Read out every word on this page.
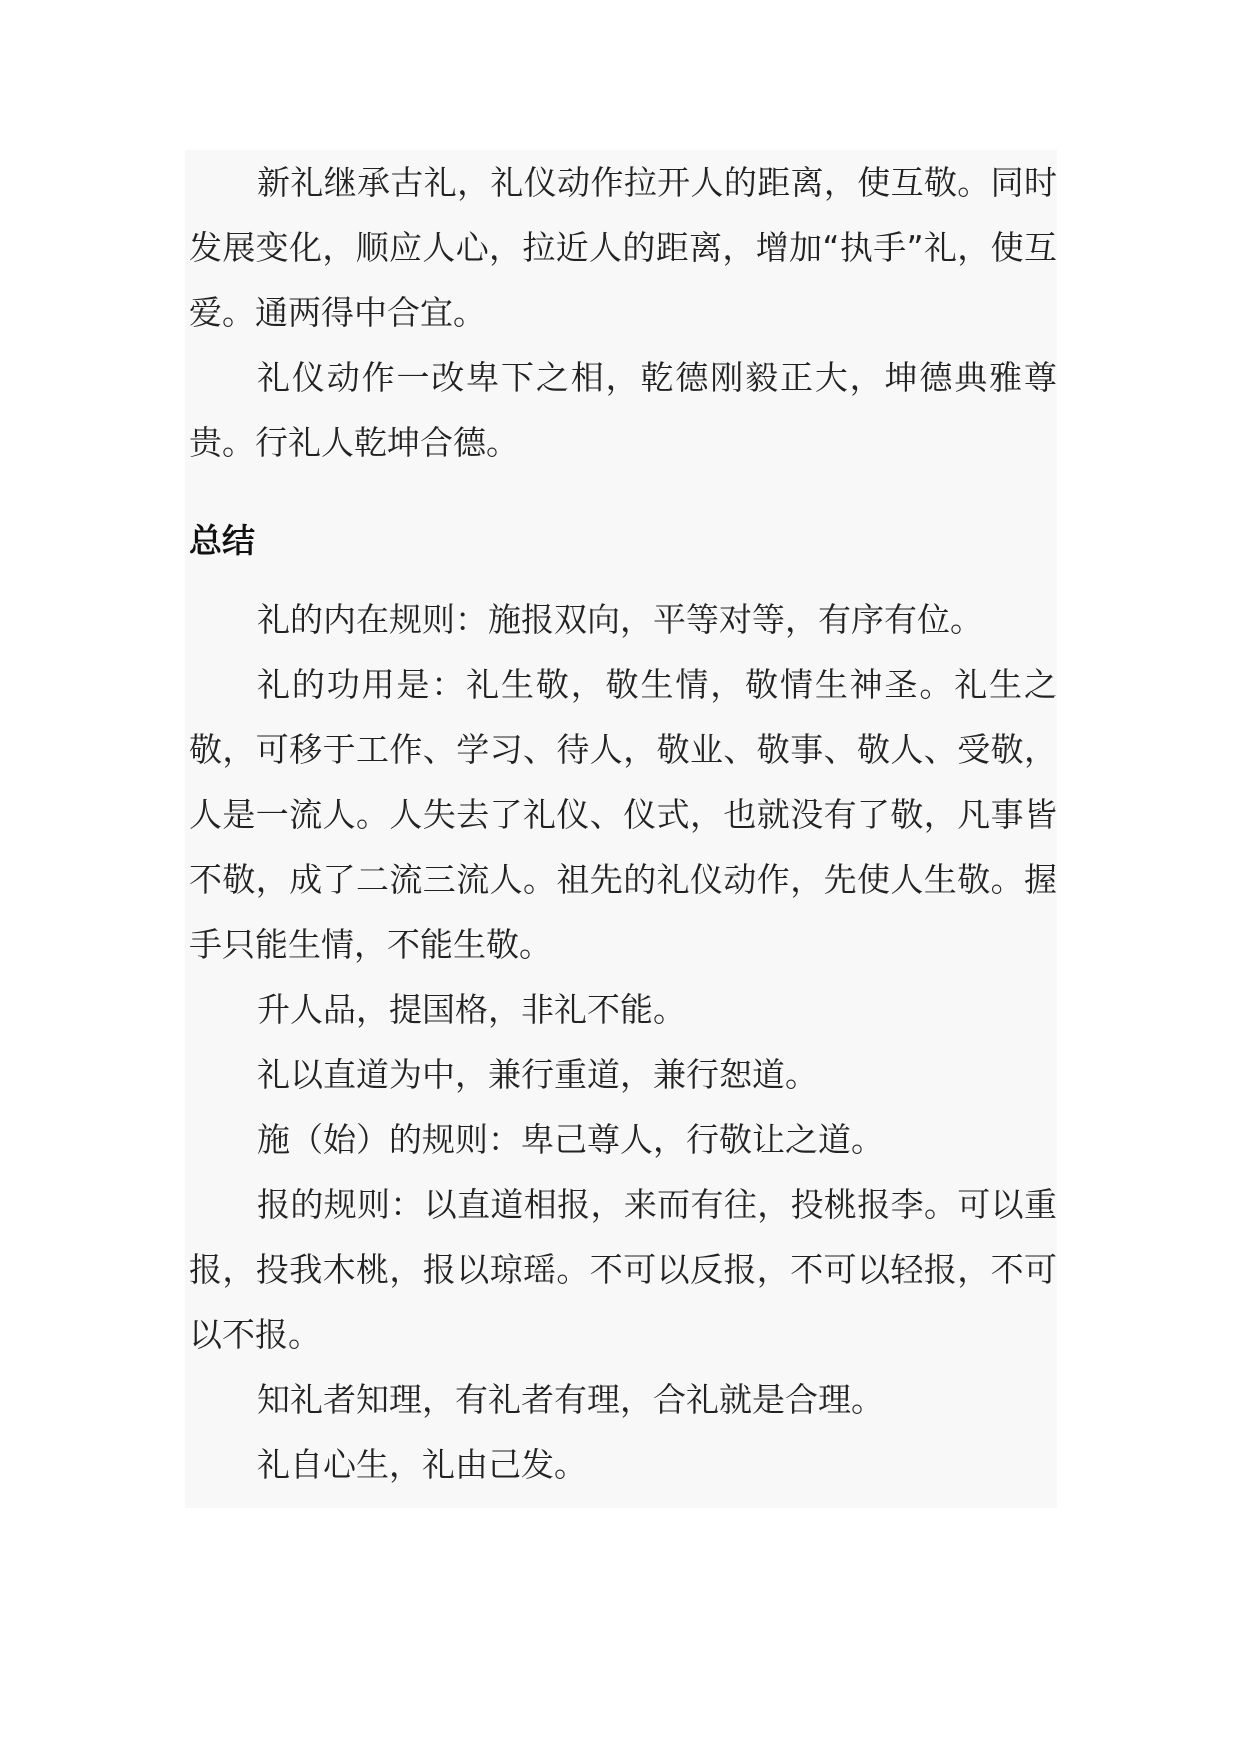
新礼继承古礼，礼仪动作拉开人的距离，使互敬。同时发展变化，顺应人心，拉近人的距离，增加“执手”礼，使互爱。通两得中合宜。

礼仪动作一改卑下之相，乾德刚毅正大，坤德典雅尊贵。行礼人乾坤合德。

总结

礼的内在规则：施报双向，平等对等，有序有位。

礼的功用是：礼生敬，敬生情，敬情生神圣。礼生之敬，可移于工作、学习、待人，敬业、敬事、敬人、受敬，人是一流人。人失去了礼仪、仪式，也就没有了敬，凡事皆不敬，成了二流三流人。祖先的礼仪动作，先使人生敬。握手只能生情，不能生敬。

升人品，提国格，非礼不能。

礼以直道为中，兼行重道，兼行恕道。

施（始）的规则：卑己尊人，行敬让之道。

报的规则：以直道相报，来而有往，投桃报李。可以重报，投我木桃，报以琼瑶。不可以反报，不可以轻报，不可以不报。

知礼者知理，有礼者有理，合礼就是合理。

礼自心生，礼由己发。
